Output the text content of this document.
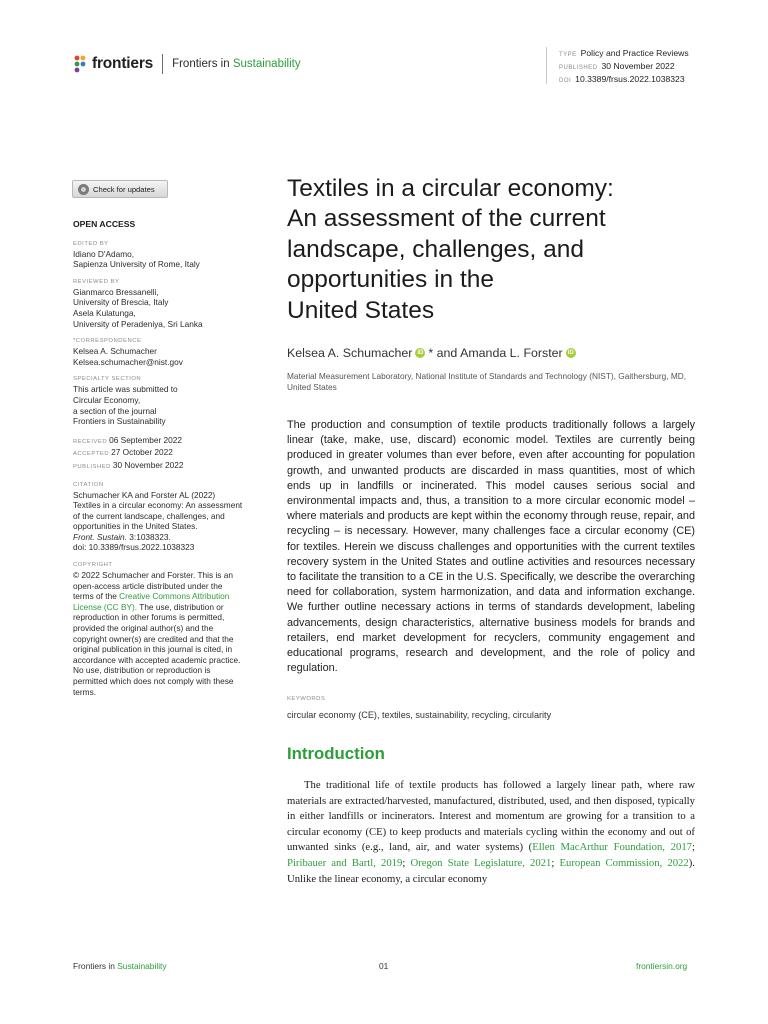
frontiers Frontiers in Sustainability
TYPE Policy and Practice Reviews
PUBLISHED 30 November 2022
DOI 10.3389/frsus.2022.1038323
Check for updates
OPEN ACCESS
EDITED BY
Idiano D'Adamo,
Sapienza University of Rome, Italy
REVIEWED BY
Gianmarco Bressanelli,
University of Brescia, Italy
Asela Kulatunga,
University of Peradeniya, Sri Lanka
*CORRESPONDENCE
Kelsea A. Schumacher
Kelsea.schumacher@nist.gov
SPECIALTY SECTION
This article was submitted to
Circular Economy,
a section of the journal
Frontiers in Sustainability
RECEIVED 06 September 2022
ACCEPTED 27 October 2022
PUBLISHED 30 November 2022
CITATION
Schumacher KA and Forster AL (2022) Textiles in a circular economy: An assessment of the current landscape, challenges, and opportunities in the United States.
Front. Sustain. 3:1038323.
doi: 10.3389/frsus.2022.1038323
COPYRIGHT
© 2022 Schumacher and Forster. This is an open-access article distributed under the terms of the Creative Commons Attribution License (CC BY). The use, distribution or reproduction in other forums is permitted, provided the original author(s) and the copyright owner(s) are credited and that the original publication in this journal is cited, in accordance with accepted academic practice. No use, distribution or reproduction is permitted which does not comply with these terms.
Textiles in a circular economy:
An assessment of the current
landscape, challenges, and
opportunities in the
United States
Kelsea A. Schumacher iD *
and Amanda L. Forster iD
Material Measurement Laboratory, National Institute of Standards and Technology (NIST), Gaithersburg, MD, United States

The production and consumption of textile products traditionally follows a largely linear (take, make, use, discard) economic model. Textiles are currently being produced in greater volumes than ever before, even after accounting for population growth, and unwanted products are discarded in mass quantities, most of which ends up in landfills or incinerated. This model causes serious social and environmental impacts and, thus, a transition to a more circular economic model – where materials and products are kept within the economy through reuse, repair, and recycling – is necessary. However, many challenges face a circular economy (CE) for textiles. Herein we discuss challenges and opportunities with the current textiles recovery system in the United States and outline activities and resources necessary to facilitate the transition to a CE in the U.S. Specifically, we describe the overarching need for collaboration, system harmonization, and data and information exchange. We further outline necessary actions in terms of standards development, labeling advancements, design characteristics, alternative business models for brands and retailers, end market development for recyclers, community engagement and educational programs, research and development, and the role of policy and regulation.

KEYWORDS
circular economy (CE), textiles, sustainability, recycling, circularity
Introduction

The traditional life of textile products has followed a largely linear path, where raw materials are extracted/harvested, manufactured, distributed, used, and then disposed, typically in either landfills or incinerators. Interest and momentum are growing for a transition to a circular economy (CE) to keep products and materials cycling within the economy and out of unwanted sinks (e.g., land, air, and water systems) (Ellen MacArthur Foundation, 2017; Piribauer and Bartl, 2019; Oregon State Legislature, 2021; European Commission, 2022). Unlike the linear economy, a circular economy

Frontiers in Sustainability	01	frontiersin.org
